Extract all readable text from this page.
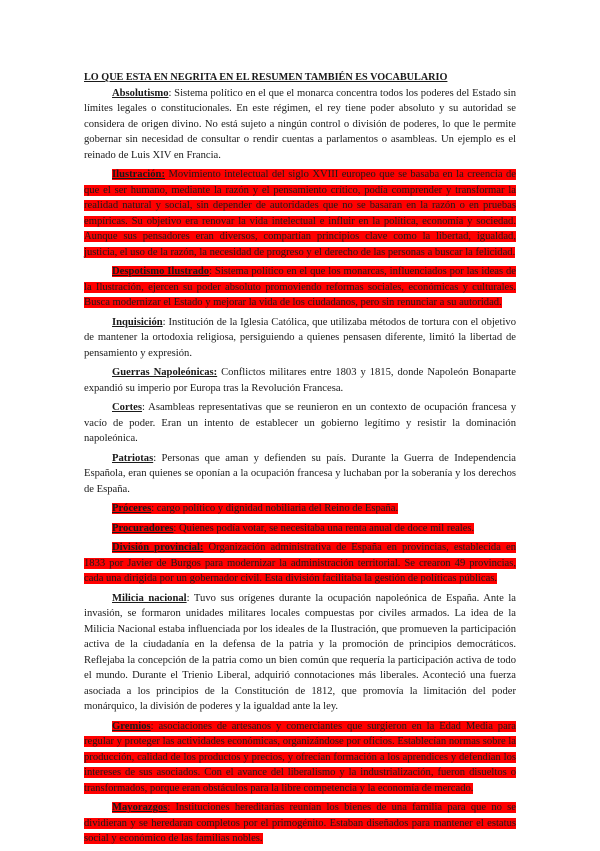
LO QUE ESTA EN NEGRITA EN EL RESUMEN TAMBIÉN ES VOCABULARIO

Absolutismo: Sistema político en el que el monarca concentra todos los poderes del Estado sin límites legales o constitucionales. En este régimen, el rey tiene poder absoluto y su autoridad se considera de origen divino. No está sujeto a ningún control o división de poderes, lo que le permite gobernar sin necesidad de consultar o rendir cuentas a parlamentos o asambleas. Un ejemplo es el reinado de Luis XIV en Francia.

Ilustración: Movimiento intelectual del siglo XVIII europeo que se basaba en la creencia de que el ser humano, mediante la razón y el pensamiento crítico, podía comprender y transformar la realidad natural y social, sin depender de autoridades que no se basaran en la razón o en pruebas empíricas. Su objetivo era renovar la vida intelectual e influir en la política, economía y sociedad. Aunque sus pensadores eran diversos, compartían principios clave como la libertad, igualdad, justicia, el uso de la razón, la necesidad de progreso y el derecho de las personas a buscar la felicidad.

Despotismo Ilustrado: Sistema político en el que los monarcas, influenciados por las ideas de la Ilustración, ejercen su poder absoluto promoviendo reformas sociales, económicas y culturales. Busca modernizar el Estado y mejorar la vida de los ciudadanos, pero sin renunciar a su autoridad.

Inquisición: Institución de la Iglesia Católica, que utilizaba métodos de tortura con el objetivo de mantener la ortodoxia religiosa, persiguiendo a quienes pensasen diferente, limitó la libertad de pensamiento y expresión.

Guerras Napoleónicas: Conflictos militares entre 1803 y 1815, donde Napoleón Bonaparte expandió su imperio por Europa tras la Revolución Francesa.

Cortes: Asambleas representativas que se reunieron en un contexto de ocupación francesa y vacío de poder. Eran un intento de establecer un gobierno legítimo y resistir la dominación napoleónica.

Patriotas: Personas que aman y defienden su país. Durante la Guerra de Independencia Española, eran quienes se oponían a la ocupación francesa y luchaban por la soberanía y los derechos de España.

Próceres: cargo político y dignidad nobiliaria del Reino de España.

Procuradores: Quienes podía votar, se necesitaba una renta anual de doce mil reales.

División provincial: Organización administrativa de España en provincias, establecida en 1833 por Javier de Burgos para modernizar la administración territorial. Se crearon 49 provincias, cada una dirigida por un gobernador civil. Esta división facilitaba la gestión de políticas públicas.

Milicia nacional: Tuvo sus orígenes durante la ocupación napoleónica de España. Ante la invasión, se formaron unidades militares locales compuestas por civiles armados. La idea de la Milicia Nacional estaba influenciada por los ideales de la Ilustración, que promueven la participación activa de la ciudadanía en la defensa de la patria y la promoción de principios democráticos. Reflejaba la concepción de la patria como un bien común que requería la participación activa de todo el mundo. Durante el Trienio Liberal, adquirió connotaciones más liberales. Aconteció una fuerza asociada a los principios de la Constitución de 1812, que promovía la limitación del poder monárquico, la división de poderes y la igualdad ante la ley.

Gremios: asociaciones de artesanos y comerciantes que surgieron en la Edad Media para regular y proteger las actividades económicas, organizándose por oficios. Establecían normas sobre la producción, calidad de los productos y precios, y ofrecían formación a los aprendices y defendían los intereses de sus asociados. Con el avance del liberalismo y la industrialización, fueron disueltos o transformados, porque eran obstáculos para la libre competencia y la economía de mercado.

Mayorazgos: Instituciones hereditarias reunían los bienes de una familia para que no se dividieran y se heredaran completos por el primogénito. Estaban diseñados para mantener el estatus social y económico de las familias nobles.
